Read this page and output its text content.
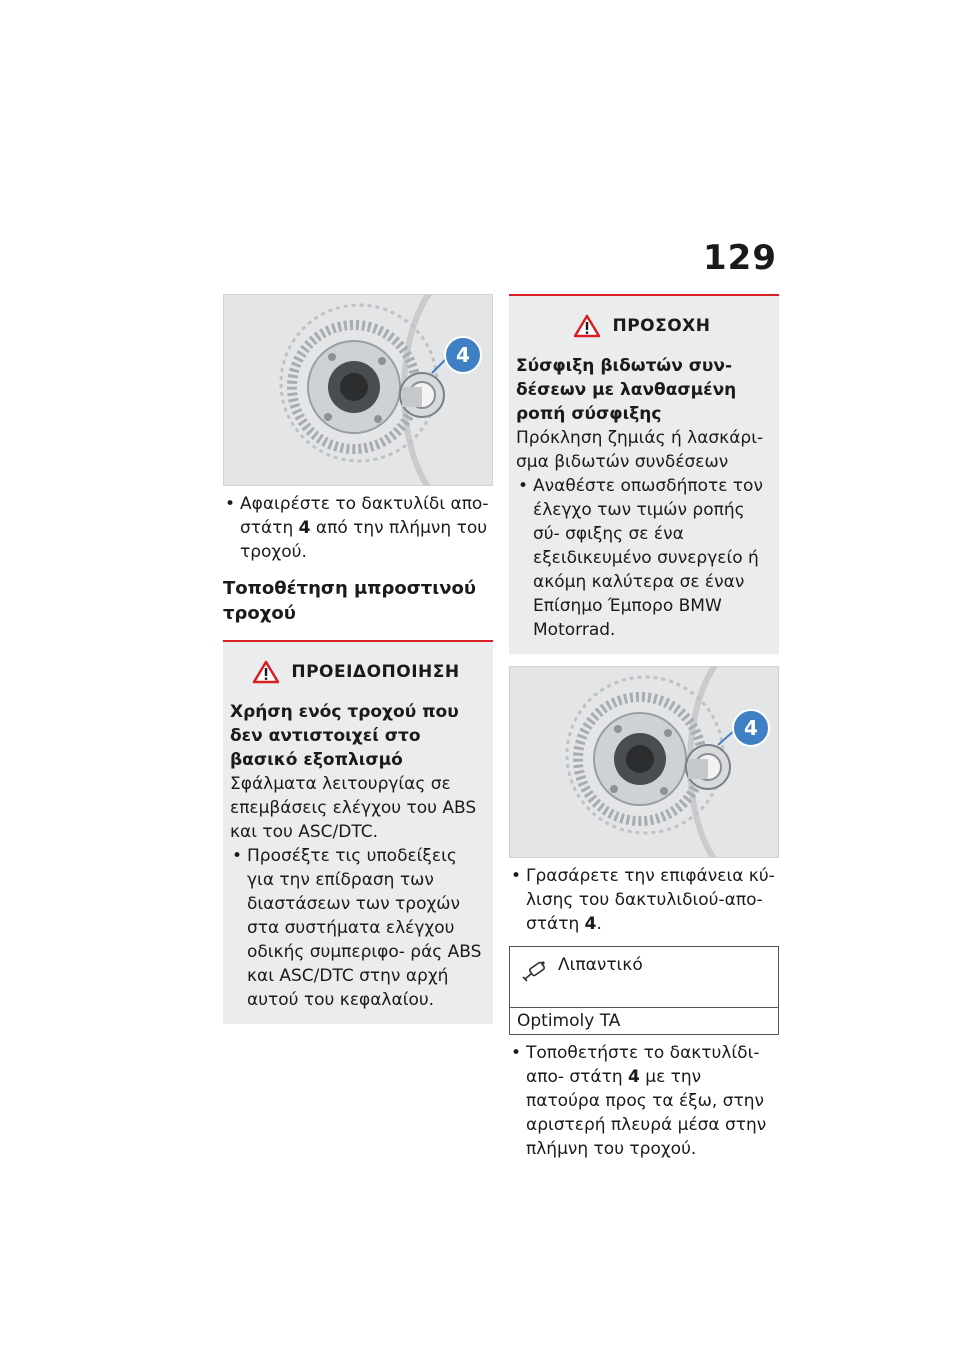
129
4
• Αφαιρέστε το δακτυλίδι απο- στάτη 4 από την πλήμνη του τροχού.
Τοποθέτηση μπροστινού τροχού
ΠΡΟΕΙΔΟΠΟΙΗΣΗ
Χρήση ενός τροχού που δεν αντιστοιχεί στο βασικό εξοπλισμό
Σφάλματα λειτουργίας σε επεμβάσεις ελέγχου του ABS και του ASC/DTC.
• Προσέξτε τις υποδείξεις για την επίδραση των διαστάσεων των τροχών στα συστήματα ελέγχου οδικής συμπεριφο- ράς ABS και ASC/DTC στην αρχή αυτού του κεφαλαίου.
ΠΡΟΣΟΧΗ
Σύσφιξη βιδωτών συν- δέσεων με λανθασμένη ροπή σύσφιξης
Πρόκληση ζημιάς ή λασκάρι- σμα βιδωτών συνδέσεων
• Αναθέστε οπωσδήποτε τον έλεγχο των τιμών ροπής σύ- σφιξης σε ένα εξειδικευμένο συνεργείο ή ακόμη καλύτερα σε έναν Επίσημο Έμπορο BMW Motorrad.
4
• Γρασάρετε την επιφάνεια κύ- λισης του δακτυλιδιού-απο- στάτη 4.
Λιπαντικό
Optimoly TA
• Τοποθετήστε το δακτυλίδι-απο- στάτη 4 με την πατούρα προς τα έξω, στην αριστερή πλευρά μέσα στην πλήμνη του τροχού.
